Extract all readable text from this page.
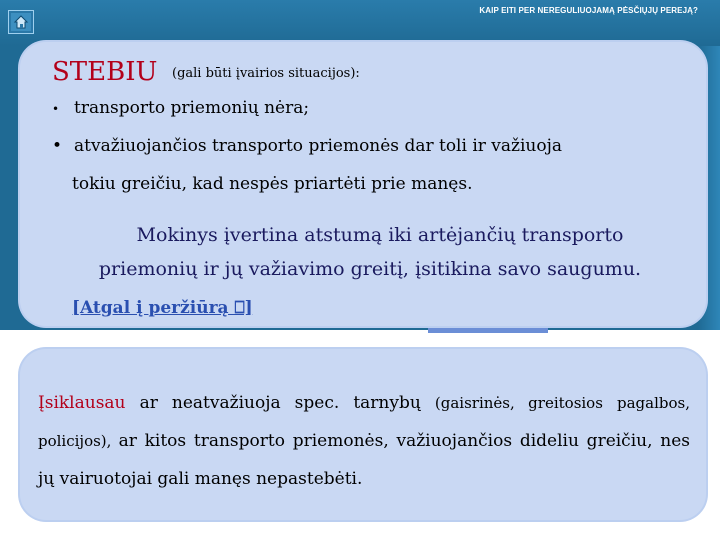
KAIP EITI PER NEREGULIUOJAMĄ PĖSČIŲJŲ PEREJĄ?
STEBIU (gali būti įvairios situacijos):
• transporto priemonių nėra;
• atvažiuojančios transporto priemonės dar toli ir važiuoja
tokiu greičiu, kad nespės priartėti prie manęs.
Mokinys įvertina atstumą iki artėjančių transporto
priemonių ir jų važiavimo greitį, įsitikina savo saugumu.
[Atgal į peržiūrą ⎕]
Įsiklausau ar neatvažiuoja spec. tarnybų (gaisrinės, greitosios pagalbos, policijos), ar kitos transporto priemonės, važiuojančios dideliu greičiu, nes jų vairuotojai gali manęs nepastebėti.
